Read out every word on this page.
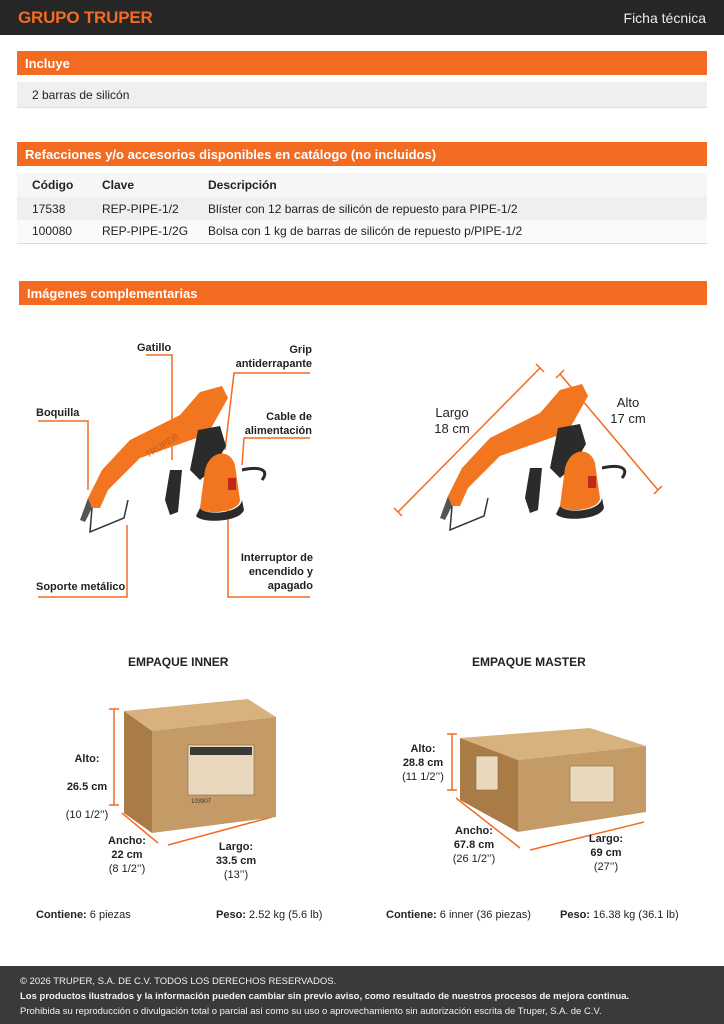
GRUPO TRUPER	Ficha técnica
Incluye
2 barras de silicón
Refacciones y/o accesorios disponibles en catálogo (no incluidos)
Código	Clave	Descripción
17538	REP-PIPE-1/2	Blíster con 12 barras de silicón de repuesto para PIPE-1/2
100080	REP-PIPE-1/2G	Bolsa con 1 kg de barras de silicón de repuesto p/PIPE-1/2
Imágenes complementarias
TRUPER
Gatillo	Grip
antiderrapante
Boquilla	Cable de
alimentación
Soporte metálico
Interruptor de
encendido y
apagado
Largo
18 cm
Alto
17 cm
EMPAQUE INNER
103907

Alto:

26.5 cm

(10 1/2’’)

Ancho:
22 cm
(8 1/2’’)
Largo:
33.5 cm
(13’’)
Contiene: 6 piezas	Peso: 2.52 kg (5.6 lb)
EMPAQUE MASTER
Alto:
28.8 cm
(11 1/2’’)
Ancho:
67.8 cm
(26 1/2’’)
Largo:
69 cm
(27’’)
Contiene: 6 inner (36 piezas)	Peso: 16.38 kg (36.1 lb)
© 2026 TRUPER, S.A. DE C.V. TODOS LOS DERECHOS RESERVADOS.
Los productos ilustrados y la información pueden cambiar sin previo aviso, como resultado de nuestros procesos de mejora continua.
Prohibida su reproducción o divulgación total o parcial así como su uso o aprovechamiento sin autorización escrita de Truper, S.A. de C.V.
